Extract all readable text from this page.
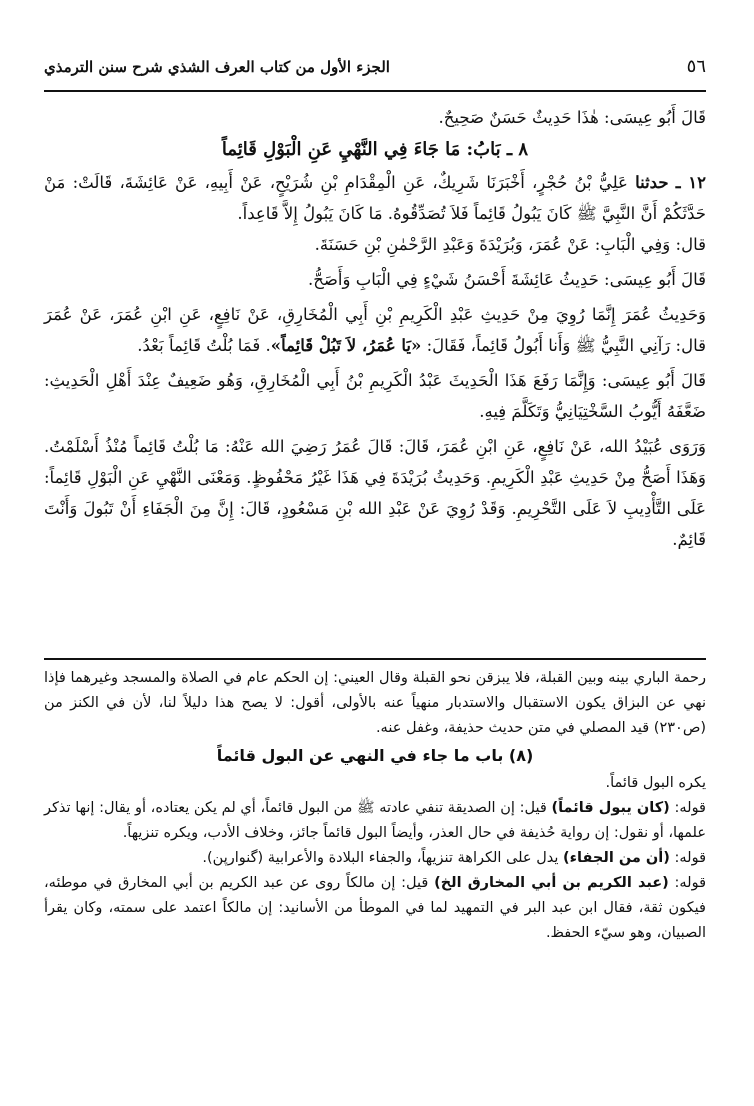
٥٦
الجزء الأول من كتاب العرف الشذي شرح سنن الترمذي

قَالَ أَبُو عِيسَى: هٰذَا حَدِيثٌ حَسَنٌ صَحِيحٌ.

٨ ـ بَابُ: مَا جَاءَ فِي النَّهْيِ عَنِ الْبَوْلِ قَائِماً

١٢ ـ حدثنا عَلِيُّ بْنُ حُجْرٍ، أَخْبَرَنَا شَرِيكٌ، عَنِ الْمِقْدَامِ بْنِ شُرَيْحٍ، عَنْ أَبِيهِ، عَنْ عَائِشَةَ، قَالَتْ: مَنْ حَدَّثَكُمْ أَنَّ النَّبِيَّ ﷺ كَانَ يَبُولُ قَائِماً فَلاَ تُصَدِّقُوهُ. مَا كَانَ يَبُولُ إِلاَّ قَاعِداً.

قال: وَفِي الْبَابِ: عَنْ عُمَرَ، وَبُرَيْدَةَ وَعَبْدِ الرَّحْمٰنِ بْنِ حَسَنَةَ.

قَالَ أَبُو عِيسَى: حَدِيثُ عَائِشَةَ أَحْسَنُ شَيْءٍ فِي الْبَابِ وَأَصَحُّ.

وَحَدِيثُ عُمَرَ إِنَّمَا رُوِيَ مِنْ حَدِيثِ عَبْدِ الْكَرِيمِ بْنِ أَبِي الْمُخَارِقِ، عَنْ نَافِعٍ، عَنِ ابْنِ عُمَرَ، عَنْ عُمَرَ قال: رَآنِي النَّبِيُّ ﷺ وَأَنا أَبُولُ قَائِماً، فَقَالَ: «يَا عُمَرُ، لاَ تَبُلْ قَائِماً». فَمَا بُلْتُ قَائِماً بَعْدُ.

قَالَ أَبُو عِيسَى: وَإِنَّمَا رَفَعَ هَذَا الْحَدِيثَ عَبْدُ الْكَرِيمِ بْنُ أَبِي الْمُخَارِقِ، وَهُو ضَعِيفٌ عِنْدَ أَهْلِ الْحَدِيثِ: ضَعَّفَهُ أَيُّوبُ السَّخْتِيَانِيُّ وَتَكَلَّمَ فِيهِ.

وَرَوَى عُبَيْدُ الله، عَنْ نَافِعٍ، عَنِ ابْنِ عُمَرَ، قَالَ: قَالَ عُمَرُ رَضِيَ الله عَنْهُ: مَا بُلْتُ قَائِماً مُنْذُ أَسْلَمْتُ. وَهَذَا أَصَحُّ مِنْ حَدِيثِ عَبْدِ الْكَرِيمِ. وَحَدِيثُ بُرَيْدَةَ فِي هَذَا غَيْرُ مَحْفُوظٍ. وَمَعْنَى النَّهْيِ عَنِ الْبَوْلِ قَائِماً: عَلَى التَّأْدِيبِ لاَ عَلَى التَّحْرِيمِ. وَقَدْ رُوِيَ عَنْ عَبْدِ الله بْنِ مَسْعُودٍ، قَالَ: إِنَّ مِنَ الْجَفَاءِ أَنْ تَبُولَ وَأَنْتَ قَائِمٌ.

رحمة الباري بينه وبين القبلة، فلا يبزقن نحو القبلة وقال العيني: إن الحكم عام في الصلاة والمسجد وغيرهما فإذا نهي عن البزاق يكون الاستقبال والاستدبار منهياً عنه بالأولى، أقول: لا يصح هذا دليلاً لنا، لأن في الكنز من (ص٢٣٠) قيد المصلي في متن حديث حذيفة، وغفل عنه.

(٨) باب ما جاء في النهي عن البول قائماً

يكره البول قائماً.

قوله: (كان يبول قائماً) قيل: إن الصديقة تنفي عادته ﷺ من البول قائماً، أي لم يكن يعتاده، أو يقال: إنها تذكر علمها، أو نقول: إن رواية حُذيفة في حال العذر، وأيضاً البول قائماً جائز، وخلاف الأدب، ويكره تنزيهاً.

قوله: (أن من الجفاء) يدل على الكراهة تنزيهاً، والجفاء البلادة والأعرابية (گنوارپن).

قوله: (عبد الكريم بن أبي المخارق الخ) قيل: إن مالكاً روى عن عبد الكريم بن أبي المخارق في موطئه، فيكون ثقة، فقال ابن عبد البر في التمهيد لما في الموطأ من الأسانيد: إن مالكاً اعتمد على سمته، وكان يقرأ الصبيان، وهو سيّء الحفظ.
